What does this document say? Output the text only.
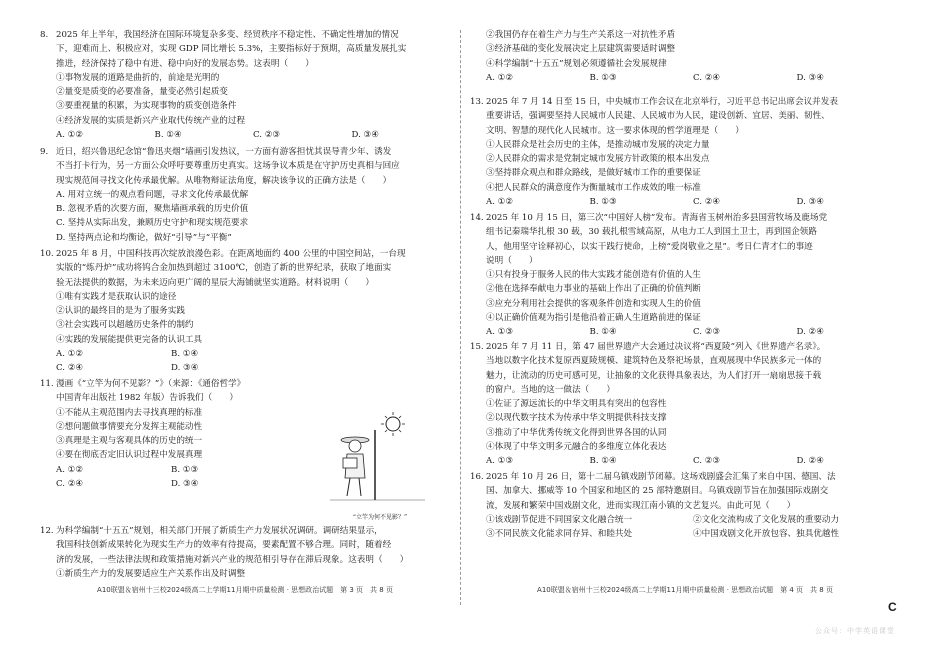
8. 2025 年上半年，我国经济在国际环境复杂多变、经贸秩序不稳定性、不确定性增加的情况

下，迎难而上、积极应对，实现 GDP 同比增长 5.3%，主要指标好于预期，高质量发展扎实

推进，经济保持了稳中有进、稳中向好的发展态势。这表明（　　）

①事物发展的道路是曲折的，前途是光明的
②量变是质变的必要准备，量变必然引起质变
③要重视量的积累，为实现事物的质变创造条件
④经济发展的实质是新兴产业取代传统产业的过程
A. ①②	B. ①④	C. ②③	D. ③④
9. 近日，绍兴鲁迅纪念馆“鲁迅夹烟”墙画引发热议，一方面有游客担忧其误导青少年、诱发

不当打卡行为，另一方面公众呼吁要尊重历史真实。这场争议本质是在守护历史真相与回应

现实规范间寻找文化传承最优解。从唯物辩证法角度，解决该争议的正确方法是（　　）

A. 用对立统一的观点看问题，寻求文化传承最优解
B. 忽视矛盾的次要方面，聚焦墙画承载的历史价值
C. 坚持从实际出发，兼顾历史守护和现实规范要求
D. 坚持两点论和均衡论，做好“引导”与“平衡”
10. 2025 年 8 月，中国科技再次绽放浪漫色彩。在距离地面约 400 公里的中国空间站，一台现

实版的“炼丹炉”成功将钨合金加热到超过 3100℃，创造了新的世界纪录，获取了地面实

验无法提供的数据，为未来迈向更广阔的星辰大海铺就坚实道路。材料说明（　　）

①唯有实践才是获取认识的途径
②认识的最终目的是为了服务实践
③社会实践可以超越历史条件的制约
④实践的发展能提供更完备的认识工具
A. ①②	B. ①④
C. ②④	D. ③④
11. 漫画《“立竿为何不见影？”》（来源：《通俗哲学》

中国青年出版社 1982 年版）告诉我们（　　）

①不能从主观范围内去寻找真理的标准
②想问题做事情要充分发挥主观能动性
③真理是主观与客观具体的历史的统一
④要在彻底否定旧认识过程中发展真理
A. ①②	B. ①③
C. ②④	D. ③④
“立竿为何不见影？”
12. 为科学编制“十五五”规划，相关部门开展了新质生产力发展状况调研。调研结果显示，

我国科技创新成果转化为现实生产力的效率有待提高，要素配置不够合理。同时，随着经

济的发展，一些法律法规和政策措施对新兴产业的规范相引导存在滞后现象。这表明（　　）

①新质生产力的发展要适应生产关系作出及时调整
A10联盟＆宿州十三校2024级高二上学期11月期中质量检测 · 思想政治试题　第 3 页　共 8 页
②我国仍存在着生产力与生产关系这一对抗性矛盾
③经济基础的变化发展决定上层建筑需要适时调整
④科学编制“十五五”规划必须遵循社会发展规律
A. ①②	B. ①③	C. ②④	D. ③④
13. 2025 年 7 月 14 日至 15 日，中央城市工作会议在北京举行，习近平总书记出席会议并发表

重要讲话，强调要坚持人民城市人民建、人民城市为人民，建设创新、宜居、美丽、韧性、

文明、智慧的现代化人民城市。这一要求体现的哲学道理是（　　）

①人民群众是社会历史的主体，是推动城市发展的决定力量
②人民群众的需求是党制定城市发展方针政策的根本出发点
③坚持群众观点和群众路线，是做好城市工作的重要保证
④把人民群众的满意度作为衡量城市工作成效的唯一标准
A. ①②	B. ①③	C. ②④	D. ③④
14. 2025 年 10 月 15 日，第三次“中国好人榜”发布。青海省玉树州治多县国营牧场及鹿场党

组书记秦瑞华扎根 30 载，30 载扎根雪域高原，从电力工人到国土卫士，再到国企领路

人，他用坚守诠释初心，以实干践行使命，上榜“爱岗敬业之星”。考日仁青才仁的事迹

说明（　　）

①只有投身于服务人民的伟大实践才能创造有价值的人生
②他在选择奉献电力事业的基础上作出了正确的价值判断
③应充分利用社会提供的客观条件创造和实现人生的价值
④以正确价值观为指引是他沿着正确人生道路前进的保证
A. ①③	B. ①④	C. ②③	D. ②④
15. 2025 年 7 月 11 日，第 47 届世界遗产大会通过决议将“西夏陵”列入《世界遗产名录》。

当地以数字化技术复原西夏陵规模、建筑特色及祭祀场景，直观展现中华民族多元一体的

魅力，让流动的历史可感可见，让抽象的文化获得具象表达，为人们打开一扇扇思接千载

的窗户。当地的这一做法（　　）

①佐证了源远流长的中华文明具有突出的包容性
②以现代数字技术为传承中华文明提供科技支撑
③推动了中华优秀传统文化得到世界各国的认同
④体现了中华文明多元融合的多维度立体化表达
A. ①③	B. ①④	C. ②③	D. ②④
16. 2025 年 10 月 26 日，第十二届乌镇戏剧节闭幕。这场戏剧盛会汇集了来自中国、德国、法

国、加拿大、挪威等 10 个国家和地区的 25 部特邀剧目。乌镇戏剧节旨在加强国际戏剧交

流，发展和繁荣中国戏剧文化，进而实现江南小镇的文艺复兴。由此可见（　　）

①该戏剧节促进不同国家文化融合统一	②文化交流构成了文化发展的重要动力
③不同民族文化能求同存异、和睦共处	④中国戏剧文化开放包容、独具优越性
A10联盟＆宿州十三校2024级高二上学期11月期中质量检测 · 思想政治试题　第 4 页　共 8 页
C
公众号：中学英语课堂
